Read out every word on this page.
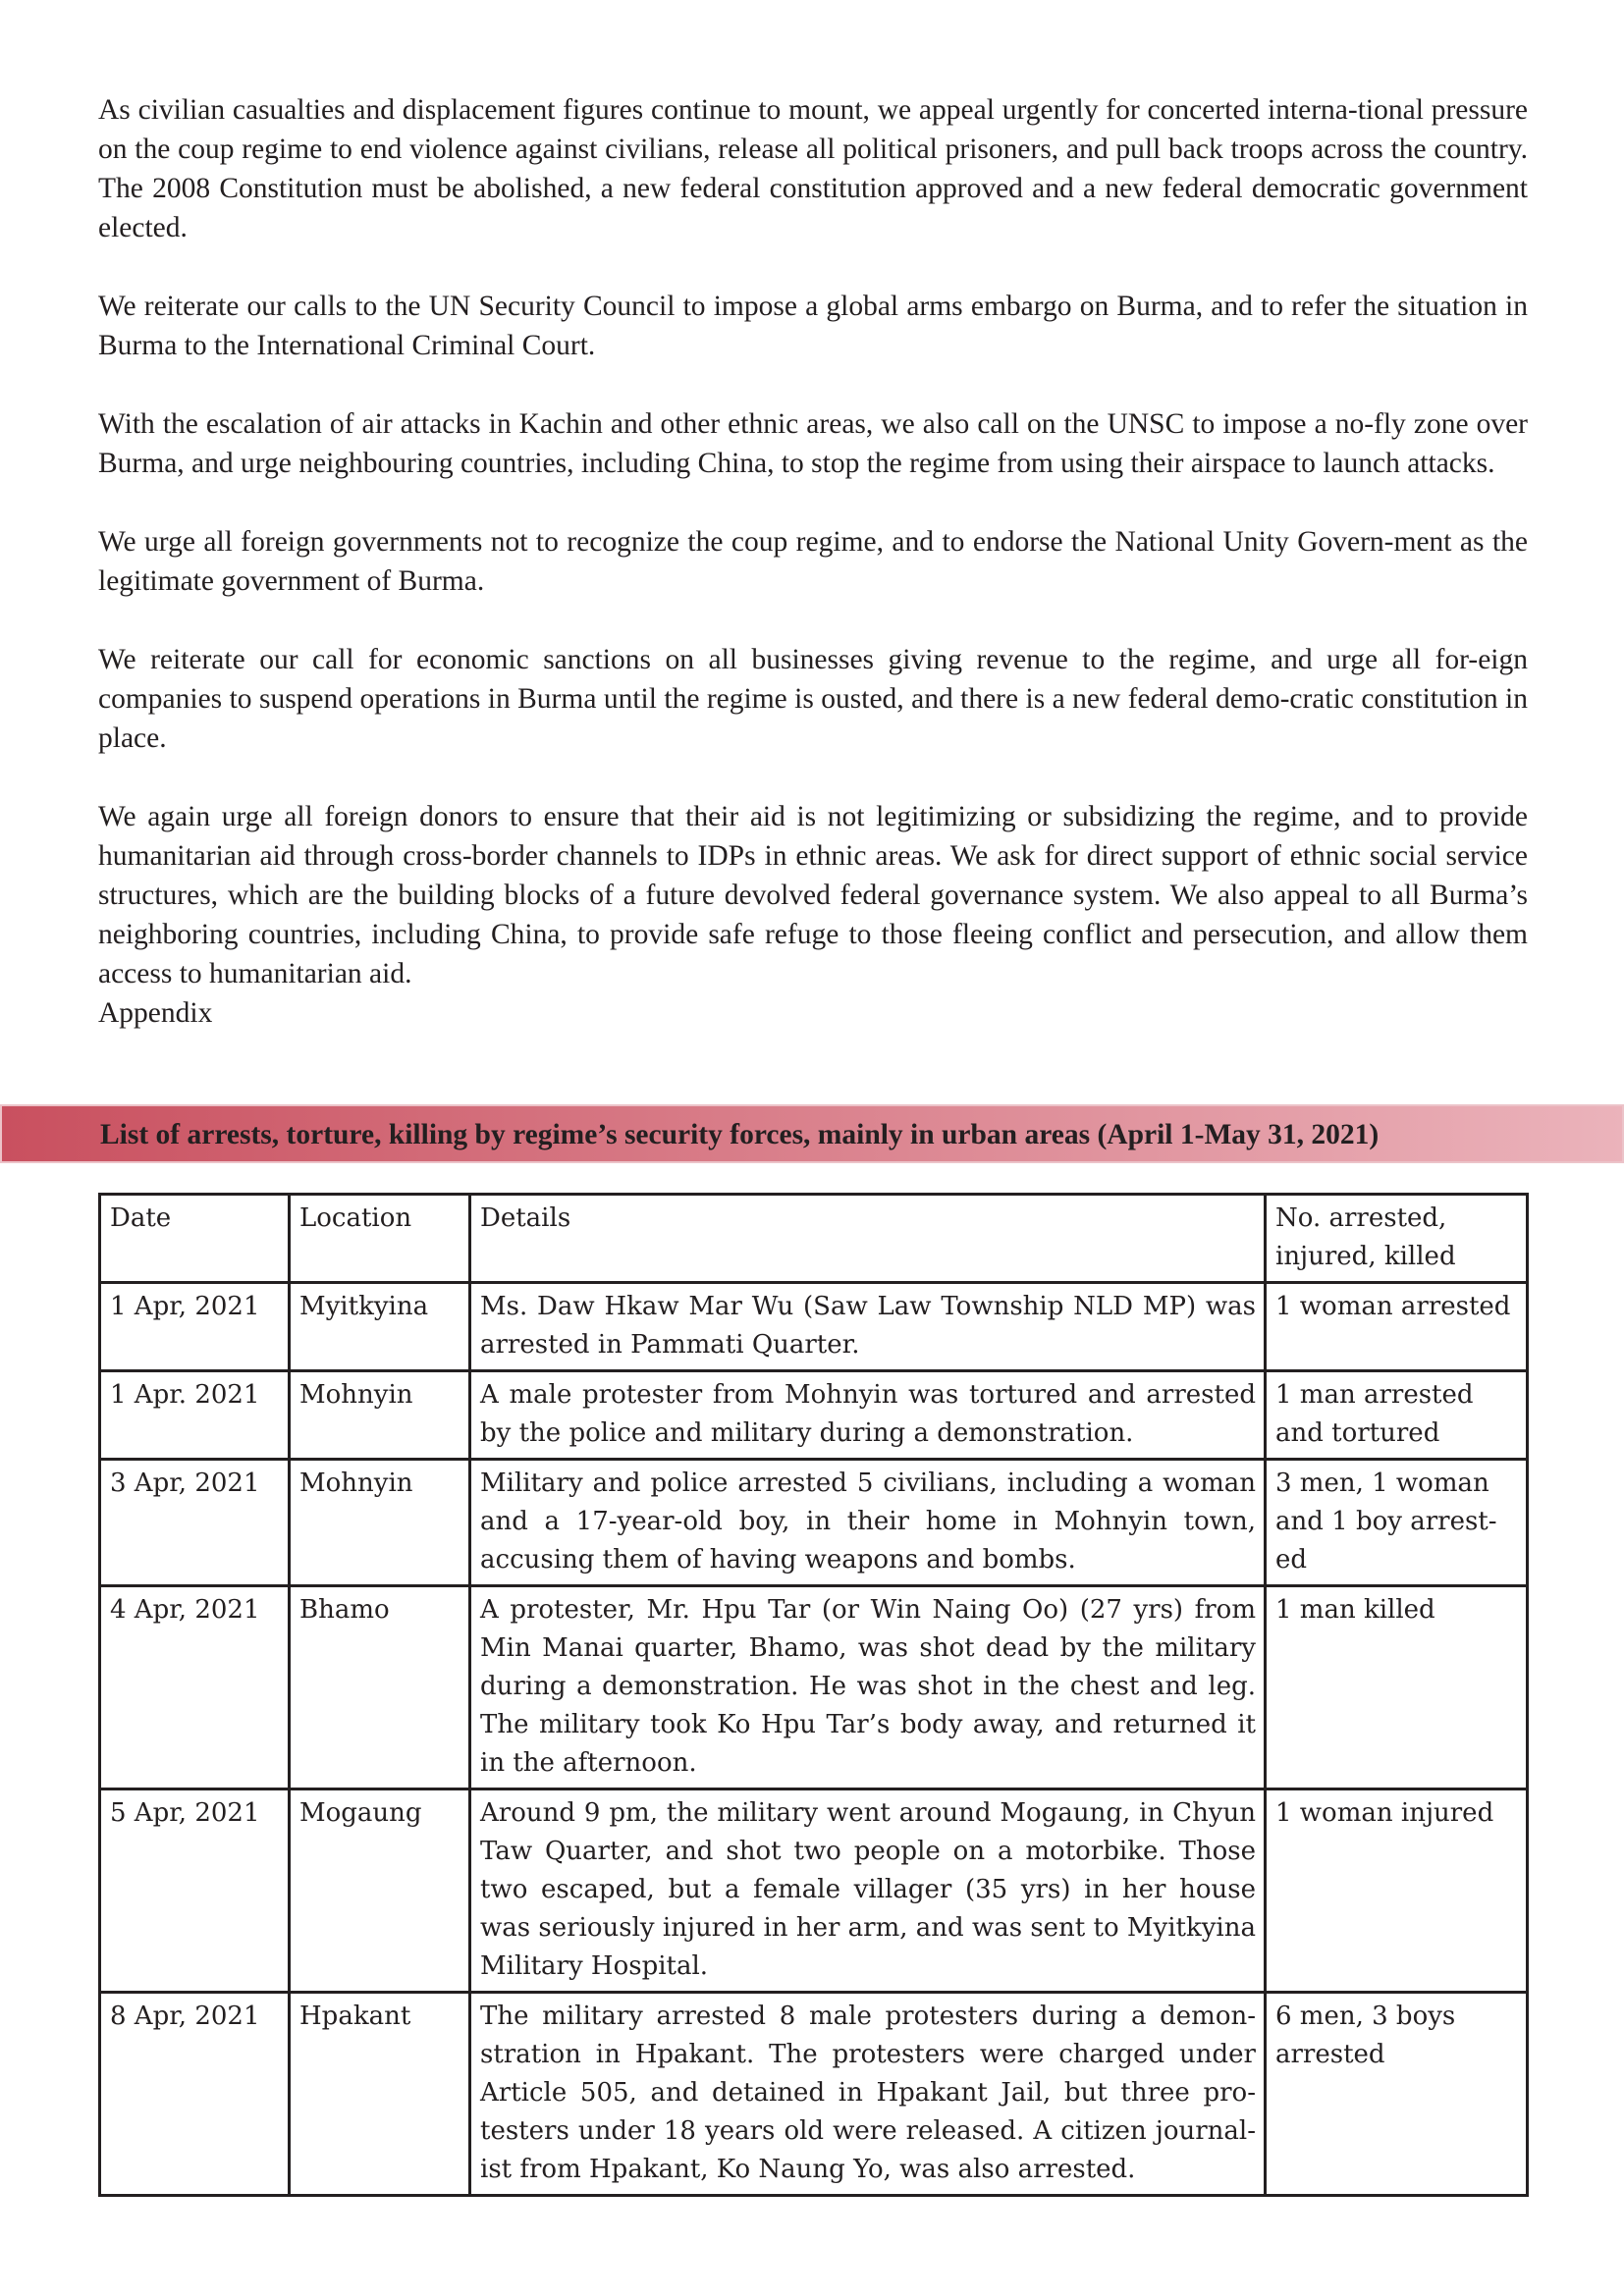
As civilian casualties and displacement figures continue to mount, we appeal urgently for concerted interna-tional pressure on the coup regime to end violence against civilians, release all political prisoners, and pull back troops across the country. The 2008 Constitution must be abolished, a new federal constitution approved and a new federal democratic government elected.

We reiterate our calls to the UN Security Council to impose a global arms embargo on Burma, and to refer the situation in Burma to the International Criminal Court.

With the escalation of air attacks in Kachin and other ethnic areas, we also call on the UNSC to impose a no-fly zone over Burma, and urge neighbouring countries, including China, to stop the regime from using their airspace to launch attacks.

We urge all foreign governments not to recognize the coup regime, and to endorse the National Unity Govern-ment as the legitimate government of Burma.

We reiterate our call for economic sanctions on all businesses giving revenue to the regime, and urge all for-eign companies to suspend operations in Burma until the regime is ousted, and there is a new federal demo-cratic constitution in place.

We again urge all foreign donors to ensure that their aid is not legitimizing or subsidizing the regime, and to provide humanitarian aid through cross-border channels to IDPs in ethnic areas. We ask for direct support of ethnic social service structures, which are the building blocks of a future devolved federal governance system. We also appeal to all Burma’s neighboring countries, including China, to provide safe refuge to those fleeing conflict and persecution, and allow them access to humanitarian aid.

Appendix
List of arrests, torture, killing by regime’s security forces, mainly in urban areas (April 1-May 31, 2021)
Date	Location	Details	No. arrested, injured, killed
1 Apr, 2021	Myitkyina	Ms. Daw Hkaw Mar Wu (Saw Law Township NLD MP) was arrested in Pammati Quarter.	1 woman arrested
1 Apr. 2021	Mohnyin	A male protester from Mohnyin was tortured and arrested by the police and military during a demonstration.	1 man arrested and tortured
3 Apr, 2021	Mohnyin	Military and police arrested 5 civilians, including a woman and a 17-year-old boy, in their home in Mohnyin town, accusing them of having weapons and bombs.	3 men, 1 woman and 1 boy arrest-ed
4 Apr, 2021	Bhamo	A protester, Mr. Hpu Tar (or Win Naing Oo) (27 yrs) from Min Manai quarter, Bhamo, was shot dead by the military during a demonstration. He was shot in the chest and leg. The military took Ko Hpu Tar’s body away, and returned it in the afternoon.	1 man killed
5 Apr, 2021	Mogaung	Around 9 pm, the military went around Mogaung, in Chyun Taw Quarter, and shot two people on a motorbike. Those two escaped, but a female villager (35 yrs) in her house was seriously injured in her arm, and was sent to Myitkyina Military Hospital.	1 woman injured
8 Apr, 2021	Hpakant	The military arrested 8 male protesters during a demon-stration in Hpakant. The protesters were charged under Article 505, and detained in Hpakant Jail, but three pro-testers under 18 years old were released. A citizen journal-ist from Hpakant, Ko Naung Yo, was also arrested.	6 men, 3 boys arrested
